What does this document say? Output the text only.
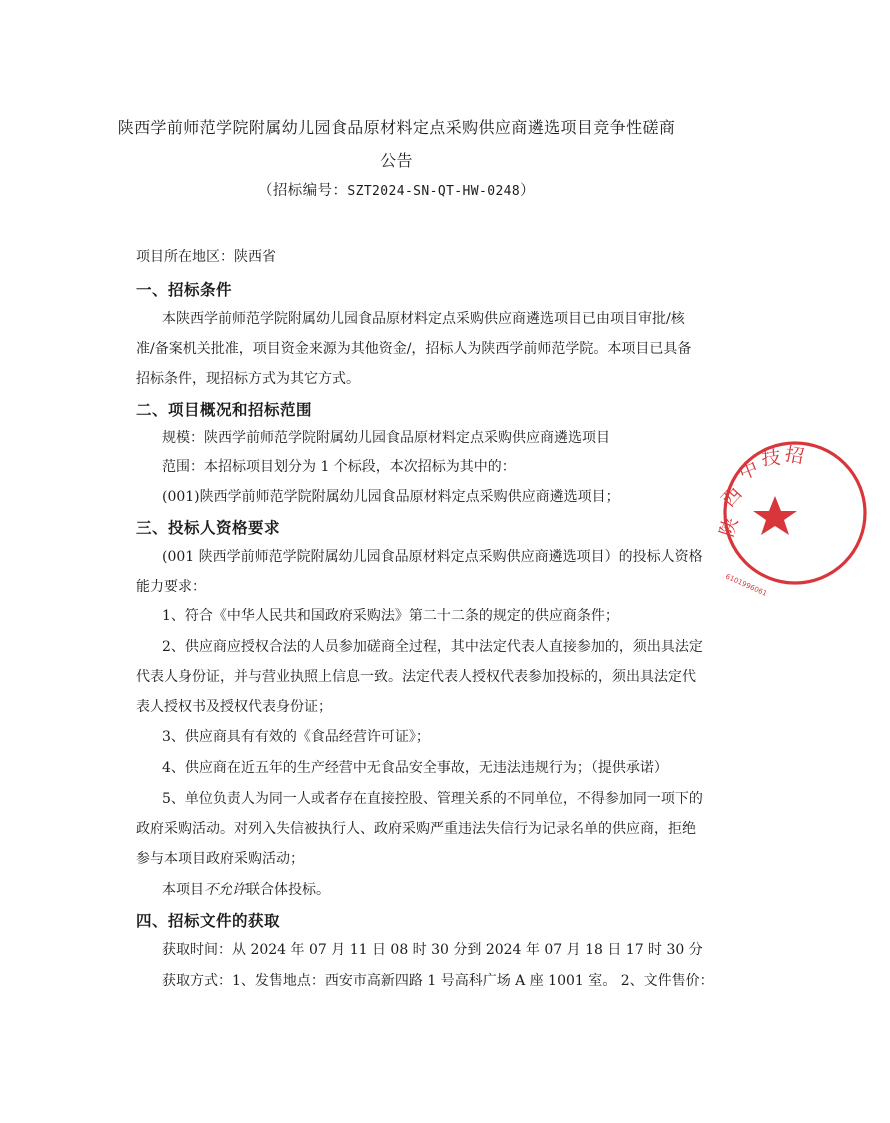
陕西学前师范学院附属幼儿园食品原材料定点采购供应商遴选项目竞争性磋商
公告
（招标编号：SZT2024-SN-QT-HW-0248）
项目所在地区：陕西省
一、招标条件
本陕西学前师范学院附属幼儿园食品原材料定点采购供应商遴选项目已由项目审批/核
准/备案机关批准，项目资金来源为其他资金/，招标人为陕西学前师范学院。本项目已具备
招标条件，现招标方式为其它方式。
二、项目概况和招标范围
规模：陕西学前师范学院附属幼儿园食品原材料定点采购供应商遴选项目
范围：本招标项目划分为 1 个标段，本次招标为其中的：
(001)陕西学前师范学院附属幼儿园食品原材料定点采购供应商遴选项目；
三、投标人资格要求
(001 陕西学前师范学院附属幼儿园食品原材料定点采购供应商遴选项目）的投标人资格
能力要求：
1、符合《中华人民共和国政府采购法》第二十二条的规定的供应商条件；
2、供应商应授权合法的人员参加磋商全过程，其中法定代表人直接参加的，须出具法定
代表人身份证，并与营业执照上信息一致。法定代表人授权代表参加投标的，须出具法定代
表人授权书及授权代表身份证；
3、供应商具有有效的《食品经营许可证》；
4、供应商在近五年的生产经营中无食品安全事故，无违法违规行为；（提供承诺）
5、单位负责人为同一人或者存在直接控股、管理关系的不同单位，不得参加同一项下的
政府采购活动。对列入失信被执行人、政府采购严重违法失信行为记录名单的供应商，拒绝
参与本项目政府采购活动；
本项目不允许联合体投标。
四、招标文件的获取
获取时间：从 2024 年 07 月 11 日 08 时 30 分到 2024 年 07 月 18 日 17 时 30 分
获取方式：1、发售地点：西安市高新四路 1 号高科广场 A 座 1001 室。 2、文件售价：
陕
西
中 技 招
6101996061
